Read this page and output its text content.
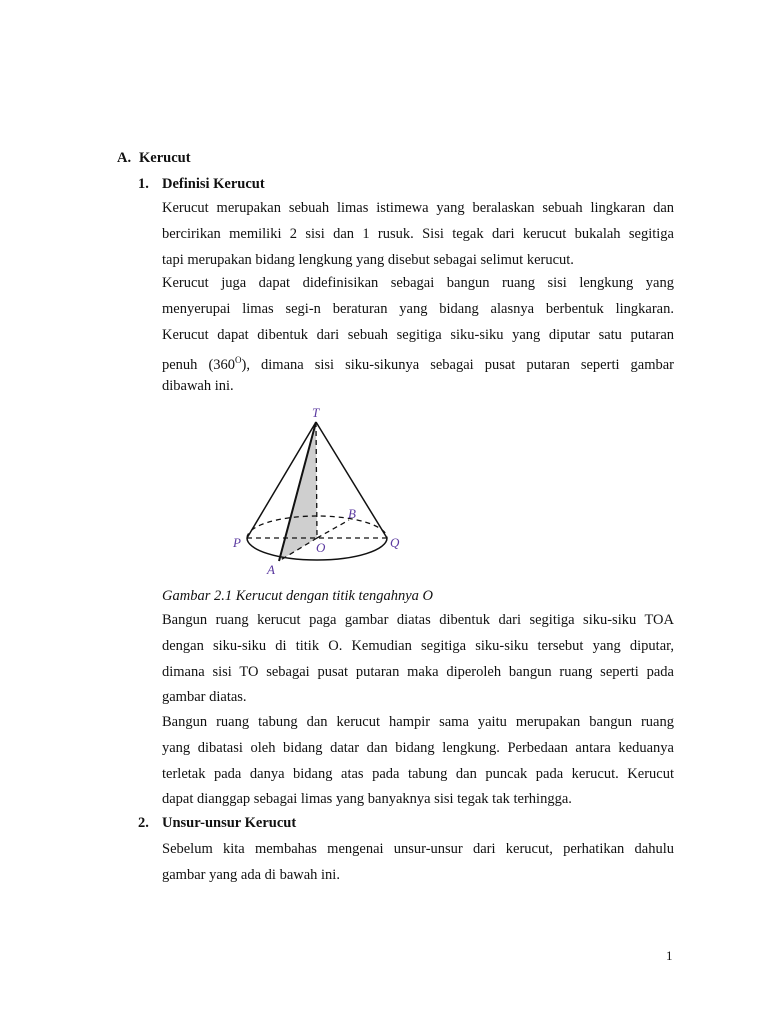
A. Kerucut
1. Definisi Kerucut
Kerucut merupakan sebuah limas istimewa yang beralaskan sebuah lingkaran dan
bercirikan memiliki 2 sisi dan 1 rusuk. Sisi tegak dari kerucut bukalah segitiga
tapi merupakan bidang lengkung yang disebut sebagai selimut kerucut.
Kerucut juga dapat didefinisikan sebagai bangun ruang sisi lengkung yang
menyerupai limas segi-n beraturan yang bidang alasnya berbentuk lingkaran.
Kerucut dapat dibentuk dari sebuah segitiga siku-siku yang diputar satu putaran
penuh $(360^O)$, dimana sisi siku-sikunya sebagai pusat putaran seperti gambar
dibawah ini.
T
B
P	O	Q
A
Gambar 2.1 Kerucut dengan titik tengahnya O
Bangun ruang kerucut paga gambar diatas dibentuk dari segitiga siku-siku TOA
dengan siku-siku di titik O. Kemudian segitiga siku-siku tersebut yang diputar,
dimana sisi TO sebagai pusat putaran maka diperoleh bangun ruang seperti pada
gambar diatas.
Bangun ruang tabung dan kerucut hampir sama yaitu merupakan bangun ruang
yang dibatasi oleh bidang datar dan bidang lengkung. Perbedaan antara keduanya
terletak pada danya bidang atas pada tabung dan puncak pada kerucut. Kerucut
dapat dianggap sebagai limas yang banyaknya sisi tegak tak terhingga.
2. Unsur-unsur Kerucut
Sebelum kita membahas mengenai unsur-unsur dari kerucut, perhatikan dahulu
gambar yang ada di bawah ini.
1
